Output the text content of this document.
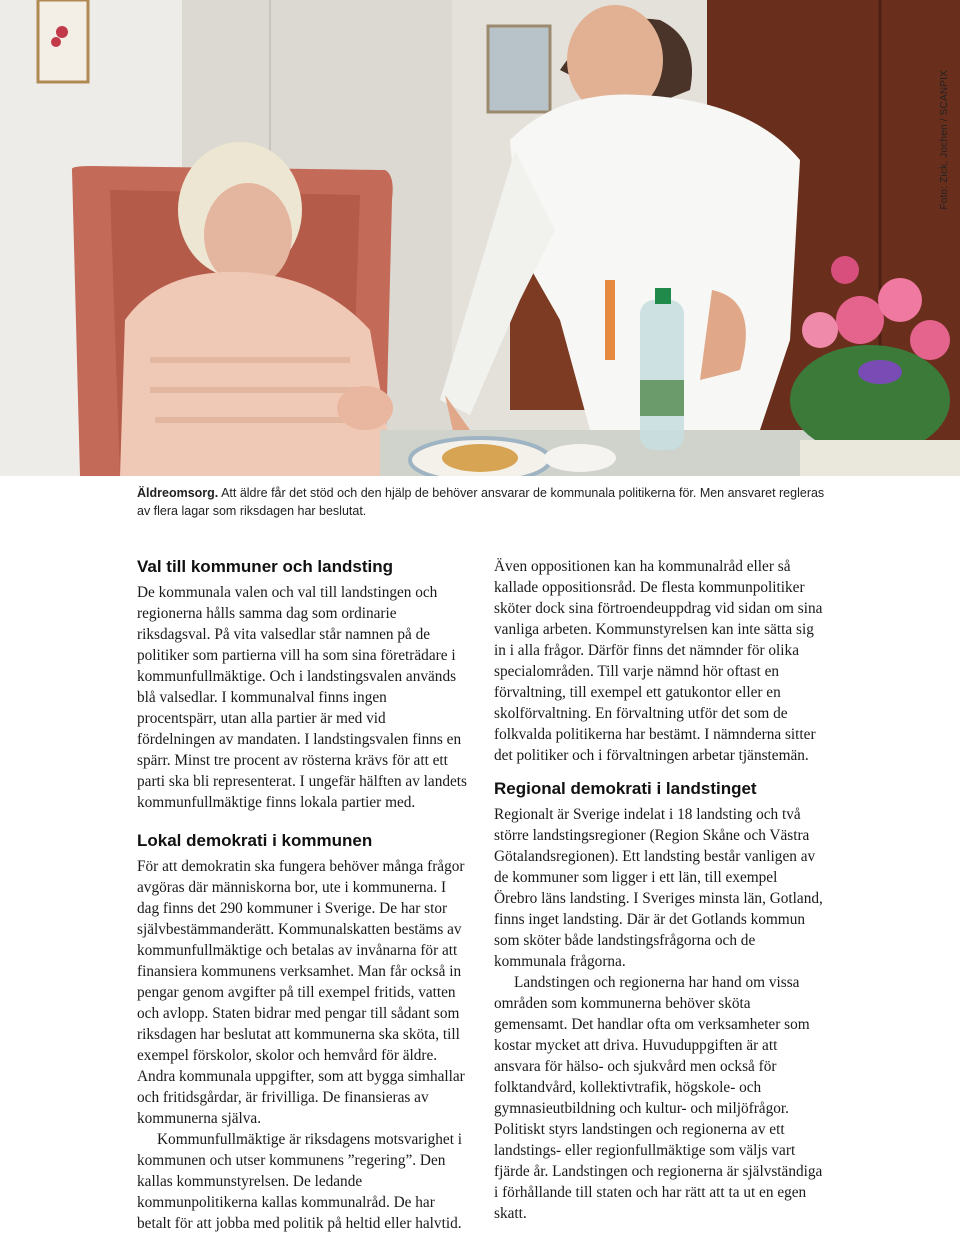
Foto: Zick, Jochen / SCANPIX
Äldreomsorg. Att äldre får det stöd och den hjälp de behöver ansvarar de kommunala politikerna för. Men ansvaret regleras av flera lagar som riksdagen har beslutat.
Val till kommuner och landsting

De kommunala valen och val till landstingen och regionerna hålls samma dag som ordinarie riksdagsval. På vita valsedlar står namnen på de politiker som partierna vill ha som sina företrädare i kommunfullmäktige. Och i landstingsvalen används blå valsedlar. I kommunalval finns ingen procentspärr, utan alla partier är med vid fördelningen av mandaten. I landstingsvalen finns en spärr. Minst tre procent av rösterna krävs för att ett parti ska bli representerat. I ungefär hälften av landets kommunfullmäktige finns lokala partier med.

Lokal demokrati i kommunen

För att demokratin ska fungera behöver många frågor avgöras där människorna bor, ute i kommunerna. I dag finns det 290 kommuner i Sverige. De har stor självbestämmanderätt. Kommunalskatten bestäms av kommunfullmäktige och betalas av invånarna för att finansiera kommunens verksamhet. Man får också in pengar genom avgifter på till exempel fritids, vatten och avlopp. Staten bidrar med pengar till sådant som riksdagen har beslutat att kommunerna ska sköta, till exempel förskolor, skolor och hemvård för äldre. Andra kommunala uppgifter, som att bygga simhallar och fritidsgårdar, är frivilliga. De finansieras av kommunerna själva.

Kommunfullmäktige är riksdagens motsvarighet i kommunen och utser kommunens ”regering”. Den kallas kommunstyrelsen. De ledande kommunpolitikerna kallas kommunalråd. De har betalt för att jobba med politik på heltid eller halvtid.

Även oppositionen kan ha kommunalråd eller så kallade oppositionsråd. De flesta kommunpolitiker sköter dock sina förtroendeuppdrag vid sidan om sina vanliga arbeten. Kommunstyrelsen kan inte sätta sig in i alla frågor. Därför finns det nämnder för olika specialområden. Till varje nämnd hör oftast en förvaltning, till exempel ett gatukontor eller en skolförvaltning. En förvaltning utför det som de folkvalda politikerna har bestämt. I nämnderna sitter det politiker och i förvaltningen arbetar tjänstemän.

Regional demokrati i landstinget

Regionalt är Sverige indelat i 18 landsting och två större landstingsregioner (Region Skåne och Västra Götalandsregionen). Ett landsting består vanligen av de kommuner som ligger i ett län, till exempel Örebro läns landsting. I Sveriges minsta län, Gotland, finns inget landsting. Där är det Gotlands kommun som sköter både landstingsfrågorna och de kommunala frågorna.

Landstingen och regionerna har hand om vissa områden som kommunerna behöver sköta gemensamt. Det handlar ofta om verksamheter som kostar mycket att driva. Huvuduppgiften är att ansvara för hälso- och sjukvård men också för folktandvård, kollektivtrafik, högskole- och gymnasieutbildning och kultur- och miljöfrågor. Politiskt styrs landstingen och regionerna av ett landstings- eller regionfullmäktige som väljs vart fjärde år. Landstingen och regionerna är självständiga i förhållande till staten och har rätt att ta ut en egen skatt.
